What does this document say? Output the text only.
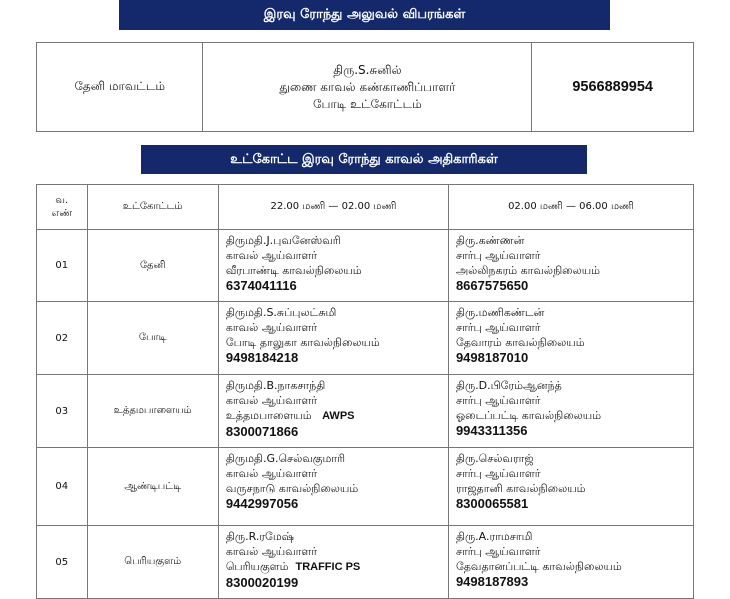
இரவு ரோந்து அலுவல் விபரங்கள்
தேனி மாவட்டம்	
திரு.S.சுனில்
துணை காவல் கண்காணிப்பாளர்
போடி உட்கோட்டம்
	9566889954
உட்கோட்ட இரவு ரோந்து காவல் அதிகாரிகள்
வ.
எண்	உட்கோட்டம்	22.00 மணி — 02.00 மணி	02.00 மணி — 06.00 மணி
01	தேனி	திருமதி.J.புவனேஸ்வரி
காவல் ஆய்வாளர்
வீரபாண்டி காவல்நிலையம்
6374041116	திரு.கண்ணன்
சார்பு ஆய்வாளர்
அல்லிநகரம் காவல்நிலையம்
8667575650

02	போடி	திருமதி.S.சுப்புலட்சுமி
காவல் ஆய்வாளர்
போடி தாலுகா காவல்நிலையம்
9498184218	திரு.மணிகண்டன்
சார்பு ஆய்வாளர்
தேவாரம் காவல்நிலையம்
9498187010

03	உத்தமபாளையம்	திருமதி.B.நாகசாந்தி
காவல் ஆய்வாளர்
உத்தமபாளையம் AWPS
8300071866	திரு.D.பிரேம்ஆனந்த்
சார்பு ஆய்வாளர்
ஓடைப்பட்டி காவல்நிலையம்
9943311356

04	ஆண்டிபட்டி	திருமதி.G.செல்வகுமாரி
காவல் ஆய்வாளர்
வருசநாடு காவல்நிலையம்
9442997056	திரு.செல்வராஜ்
சார்பு ஆய்வாளர்
ராஜதானி காவல்நிலையம்
8300065581

05	பெரியகுளம்	திரு.R.ரமேஷ்
காவல் ஆய்வாளர்
பெரியகுளம் TRAFFIC PS
8300020199	திரு.A.ராமசாமி
சார்பு ஆய்வாளர்
தேவதானப்பட்டி காவல்நிலையம்
9498187893
